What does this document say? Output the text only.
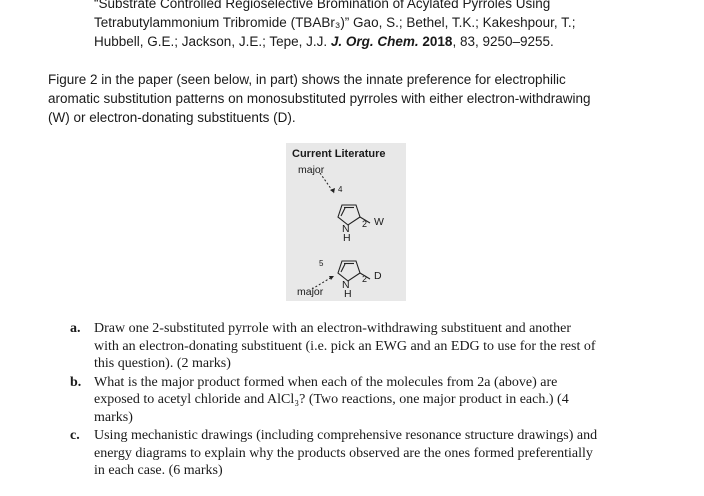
“Substrate Controlled Regioselective Bromination of Acylated Pyrroles Using
Tetrabutylammonium Tribromide (TBABr₃)” Gao, S.; Bethel, T.K.; Kakeshpour, T.;
Hubbell, G.E.; Jackson, J.E.; Tepe, J.J. J. Org. Chem. 2018, 83, 9250–9255.
Figure 2 in the paper (seen below, in part) shows the innate preference for electrophilic
aromatic substitution patterns on monosubstituted pyrroles with either electron-withdrawing
(W) or electron-donating substituents (D).
Current Literature
major
4
N
H
2 W
5
N
H
2 D
major
a. Draw one 2-substituted pyrrole with an electron-withdrawing substituent and another
with an electron-donating substituent (i.e. pick an EWG and an EDG to use for the rest of
this question). (2 marks)
b. What is the major product formed when each of the molecules from 2a (above) are
exposed to acetyl chloride and AlCl₃? (Two reactions, one major product in each.) (4
marks)
c. Using mechanistic drawings (including comprehensive resonance structure drawings) and
energy diagrams to explain why the products observed are the ones formed preferentially
in each case. (6 marks)
